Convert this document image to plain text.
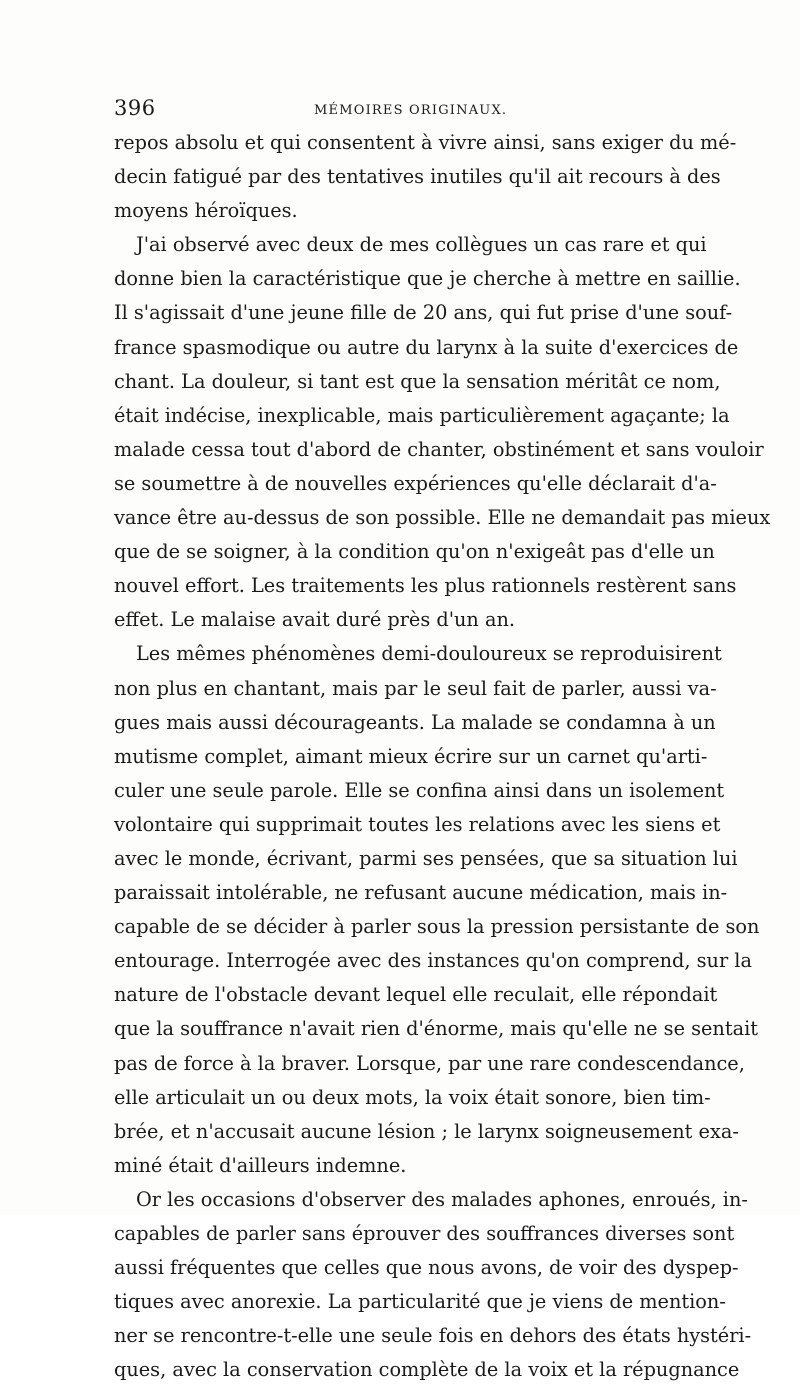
396	MÉMOIRES ORIGINAUX.
repos absolu et qui consentent à vivre ainsi, sans exiger du mé-
decin fatigué par des tentatives inutiles qu'il ait recours à des
moyens héroïques.
J'ai observé avec deux de mes collègues un cas rare et qui
donne bien la caractéristique que je cherche à mettre en saillie.
Il s'agissait d'une jeune fille de 20 ans, qui fut prise d'une souf-
france spasmodique ou autre du larynx à la suite d'exercices de
chant. La douleur, si tant est que la sensation méritât ce nom,
était indécise, inexplicable, mais particulièrement agaçante; la
malade cessa tout d'abord de chanter, obstinément et sans vouloir
se soumettre à de nouvelles expériences qu'elle déclarait d'a-
vance être au-dessus de son possible. Elle ne demandait pas mieux
que de se soigner, à la condition qu'on n'exigeât pas d'elle un
nouvel effort. Les traitements les plus rationnels restèrent sans
effet. Le malaise avait duré près d'un an.
Les mêmes phénomènes demi-douloureux se reproduisirent
non plus en chantant, mais par le seul fait de parler, aussi va-
gues mais aussi décourageants. La malade se condamna à un
mutisme complet, aimant mieux écrire sur un carnet qu'arti-
culer une seule parole. Elle se confina ainsi dans un isolement
volontaire qui supprimait toutes les relations avec les siens et
avec le monde, écrivant, parmi ses pensées, que sa situation lui
paraissait intolérable, ne refusant aucune médication, mais in-
capable de se décider à parler sous la pression persistante de son
entourage. Interrogée avec des instances qu'on comprend, sur la
nature de l'obstacle devant lequel elle reculait, elle répondait
que la souffrance n'avait rien d'énorme, mais qu'elle ne se sentait
pas de force à la braver. Lorsque, par une rare condescendance,
elle articulait un ou deux mots, la voix était sonore, bien tim-
brée, et n'accusait aucune lésion ; le larynx soigneusement exa-
miné était d'ailleurs indemne.
Or les occasions d'observer des malades aphones, enroués, in-
capables de parler sans éprouver des souffrances diverses sont
aussi fréquentes que celles que nous avons, de voir des dyspep-
tiques avec anorexie. La particularité que je viens de mention-
ner se rencontre-t-elle une seule fois en dehors des états hystéri-
ques, avec la conservation complète de la voix et la répugnance
